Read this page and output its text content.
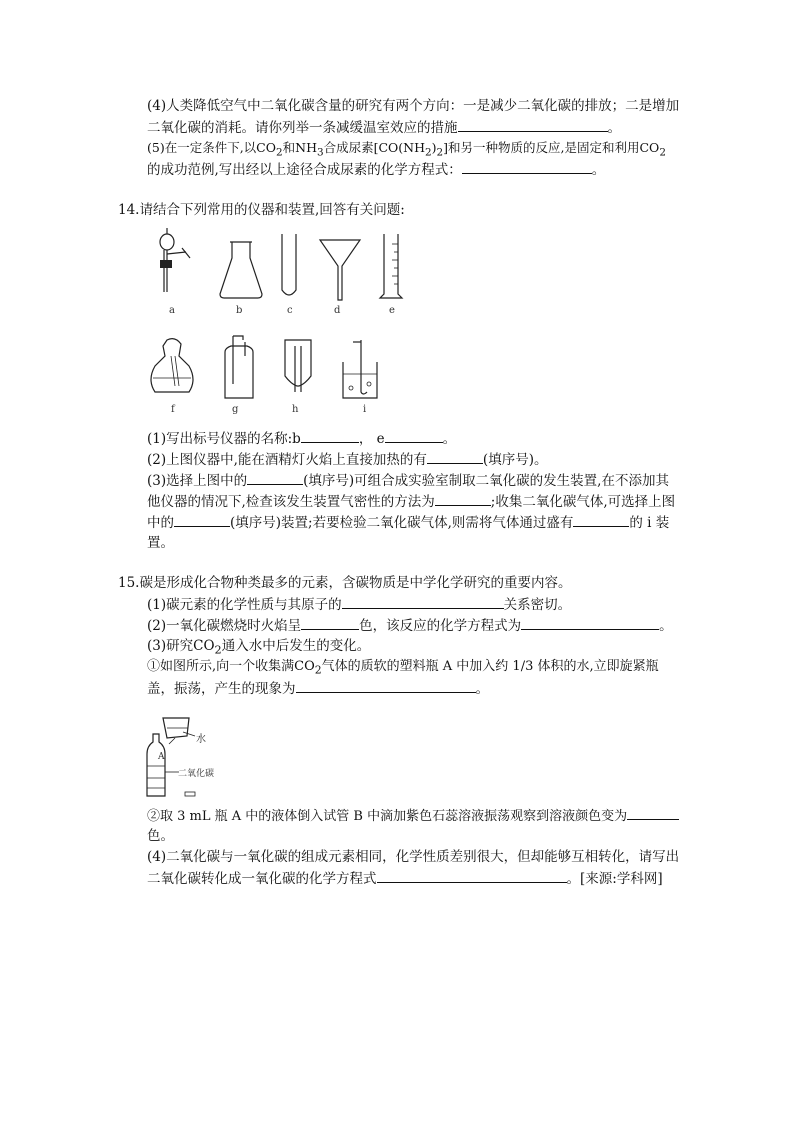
(4)人类降低空气中二氧化碳含量的研究有两个方向：一是减少二氧化碳的排放；二是增加
二氧化碳的消耗。请你列举一条减缓温室效应的措施	。
(5)在一定条件下,以$CO_2$和$NH_3$合成尿素$[CO(NH_2)_2]$和另一种物质的反应,是固定和利用$CO_2$
的成功范例,写出经以上途径合成尿素的化学方程式：	。
14.请结合下列常用的仪器和装置,回答有关问题:
a	b	c	d	e
f	g	h	i
(1)写出标号仪器的名称:b	， e	。
(2)上图仪器中,能在酒精灯火焰上直接加热的有	(填序号)。
(3)选择上图中的	(填序号)可组合成实验室制取二氧化碳的发生装置,在不添加其
他仪器的情况下,检查该发生装置气密性的方法为	;收集二氧化碳气体,可选择上图
中的	(填序号)装置;若要检验二氧化碳气体,则需将气体通过盛有	的 i 装
置。
15.碳是形成化合物种类最多的元素，含碳物质是中学化学研究的重要内容。
(1)碳元素的化学性质与其原子的	关系密切。
(2)一氧化碳燃烧时火焰呈	色，该反应的化学方程式为	。
(3)研究$CO_2$通入水中后发生的变化。
①如图所示,向一个收集满$CO_2$气体的质软的塑料瓶 A 中加入约 1/3 体积的水,立即旋紧瓶
盖，振荡，产生的现象为	。
水
A
二氧化碳
②取 3 mL 瓶 A 中的液体倒入试管 B 中滴加紫色石蕊溶液振荡观察到溶液颜色变为
色。
(4)二氧化碳与一氧化碳的组成元素相同，化学性质差别很大，但却能够互相转化，请写出
二氧化碳转化成一氧化碳的化学方程式	。[来源:学科网]
